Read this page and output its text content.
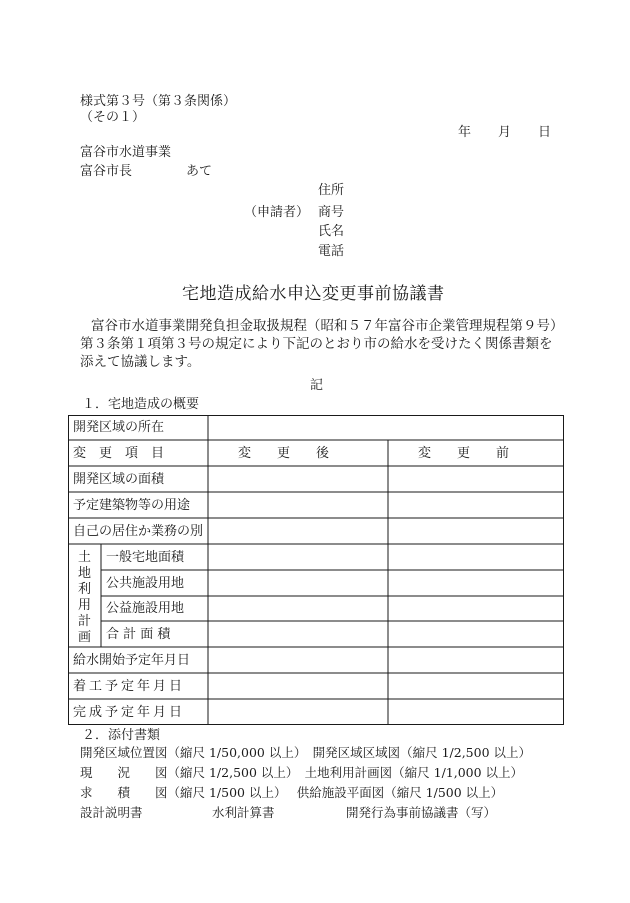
様式第３号（第３条関係）
（その１）
年 月 日
富谷市水道事業
富谷市長	あて
住所
（申請者） 商号
氏名
電話
宅地造成給水申込変更事前協議書
富谷市水道事業開発負担金取扱規程（昭和５７年富谷市企業管理規程第９号）
第３条第１項第３号の規定により下記のとおり市の給水を受けたく関係書類を
添えて協議します。
記
１．宅地造成の概要
開発区域の所在
変　更　項　目	変　　更　　後	変　　更　　前
開発区域の面積
予定建築物等の用途
自己の居住か業務の別
土地利用計画
一般宅地面積
公共施設用地
公益施設用地
合 計 面 積
給水開始予定年月日
着工予定年月日
完成予定年月日
２．添付書類
開発区域位置図（縮尺 1/50,000 以上）　開発区域区域図（縮尺 1/2,500 以上）
現　　況　　図（縮尺 1/2,500 以上）　土地利用計画図（縮尺 1/1,000 以上）
求　　積　　図（縮尺 1/500 以上）　 供給施設平面図（縮尺 1/500 以上）
設計説明書	水利計算書	開発行為事前協議書（写）
